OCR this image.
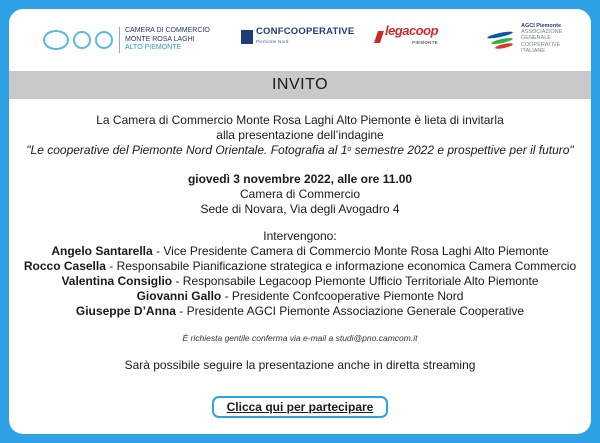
CAMERA DI COMMERCIO
MONTE ROSA LAGHI
ALTO PIEMONTE
CONFCOOPERATIVE
Piemonte Nord
legacoop
PIEMONTE
AGCI Piemonte
ASSOCIAZIONE
GENERALE
COOPERATIVE
ITALIANE
INVITO
La Camera di Commercio Monte Rosa Laghi Alto Piemonte è lieta di invitarla
alla presentazione dell’indagine
"Le cooperative del Piemonte Nord Orientale. Fotografia al 1$^o$ semestre 2022 e prospettive per il futuro"
giovedì 3 novembre 2022, alle ore 11.00
Camera di Commercio
Sede di Novara, Via degli Avogadro 4
Intervengono:
Angelo Santarella - Vice Presidente Camera di Commercio Monte Rosa Laghi Alto Piemonte
Rocco Casella - Responsabile Pianificazione strategica e informazione economica Camera Commercio
Valentina Consiglio - Responsabile Legacoop Piemonte Ufficio Territoriale Alto Piemonte
Giovanni Gallo - Presidente Confcooperative Piemonte Nord
Giuseppe D’Anna - Presidente AGCI Piemonte Associazione Generale Cooperative
È richiesta gentile conferma via e-mail a studi@pno.camcom.it
Sarà possibile seguire la presentazione anche in diretta streaming
Clicca qui per partecipare
